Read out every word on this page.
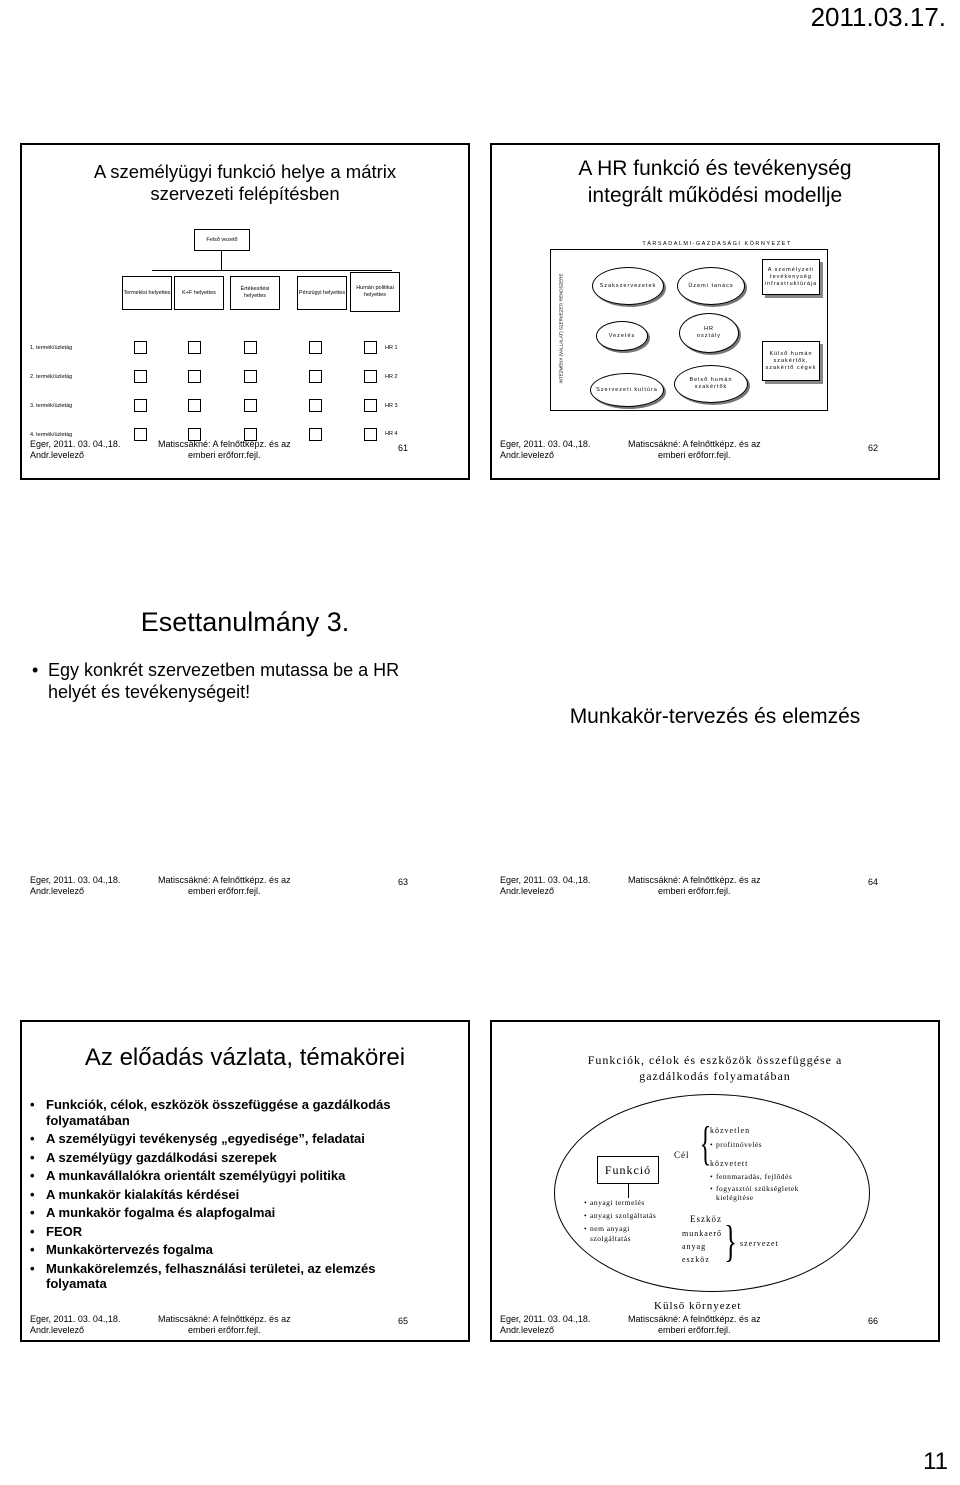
2011.03.17.
A személyügyi funkció helye a mátrix szervezeti felépítésben
Felső vezető
Termelési helyettes K+F helyettes
Értékesítési helyettes
Pénzügyi helyettes
Humán politikai helyettes
1. termék/üzletág
2. termék/üzletág
3. termék/üzletág
4. termék/üzletág
HR 1
HR 2
HR 3
HR 4
Eger, 2011. 03. 04.,18.
Andr.levelező
Matiscsákné: A felnőttképz. és az
emberi erőforr.fejl.
61
A HR funkció és tevékenység integrált működési modellje
TÁRSADALMI-GAZDASÁGI KÖRNYEZET
INTÉZMÉNY (VÁLLALAT) SZERVEZETI RENDSZERE	Szakszervezetek	Üzemi tanács
Vezetés
HR osztály
Szervezeti kultúra
Belső humán szakértők
A személyzeti tevékenység infrastruktúrája
Külső humán szakértők, szakértő cégek
Eger, 2011. 03. 04.,18.
Andr.levelező
Matiscsákné: A felnőttképz. és az
emberi erőforr.fejl.
62
Esettanulmány 3.
• Egy konkrét szervezetben mutassa be a HR helyét és tevékenységeit!
Eger, 2011. 03. 04.,18.
Andr.levelező
Matiscsákné: A felnőttképz. és az
emberi erőforr.fejl.
63
Munkakör-tervezés és elemzés
Eger, 2011. 03. 04.,18.
Andr.levelező
Matiscsákné: A felnőttképz. és az
emberi erőforr.fejl.
64
Az előadás vázlata, témakörei
• Funkciók, célok, eszközök összefüggése a gazdálkodás folyamatában
• A személyügyi tevékenység „egyedisége”, feladatai
• A személyügy gazdálkodási szerepek
• A munkavállalókra orientált személyügyi politika
• A munkakör kialakítás kérdései
• A munkakör fogalma és alapfogalmai
• FEOR
• Munkakörtervezés fogalma
• Munkakörelemzés, felhasználási területei, az elemzés folyamata
Eger, 2011. 03. 04.,18.
Andr.levelező
Matiscsákné: A felnőttképz. és az
emberi erőforr.fejl.
65
Funkciók, célok és eszközök összefüggése a gazdálkodás folyamatában
Funkció
• anyagi termelés
• anyagi szolgáltatás
• nem anyagi szolgáltatás
Cél {
közvetlen
• profitnövelés
közvetett
• fennmaradás, fejlődés
• fogyasztói szükségletek kielégítése
Eszköz
munkaerő
anyag
eszköz } szervezet
Külső környezet
Eger, 2011. 03. 04.,18.
Andr.levelező
Matiscsákné: A felnőttképz. és az
emberi erőforr.fejl.
66
11
